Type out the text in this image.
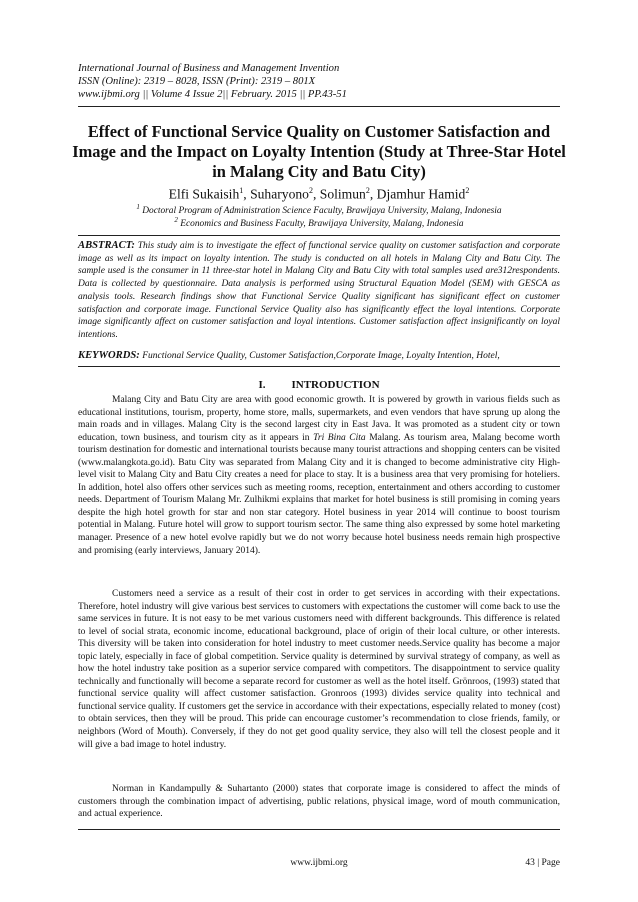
International Journal of Business and Management Invention
ISSN (Online): 2319 – 8028, ISSN (Print): 2319 – 801X
www.ijbmi.org || Volume 4 Issue 2|| February. 2015 || PP.43-51
Effect of Functional Service Quality on Customer Satisfaction and Image and the Impact on Loyalty Intention (Study at Three-Star Hotel in Malang City and Batu City)
Elfi Sukaisih$^1$, Suharyono$^2$, Solimun$^2$, Djamhur Hamid$^2$
$^1$ Doctoral Program of Administration Science Faculty, Brawijaya University, Malang, Indonesia
$^2$ Economics and Business Faculty, Brawijaya University, Malang, Indonesia
ABSTRACT: This study aim is to investigate the effect of functional service quality on customer satisfaction and corporate image as well as its impact on loyalty intention. The study is conducted on all hotels in Malang City and Batu City. The sample used is the consumer in 11 three-star hotel in Malang City and Batu City with total samples used are312respondents. Data is collected by questionnaire. Data analysis is performed using Structural Equation Model (SEM) with GESCA as analysis tools. Research findings show that Functional Service Quality significant has significant effect on customer satisfaction and corporate image. Functional Service Quality also has significantly effect the loyal intentions. Corporate image significantly affect on customer satisfaction and loyal intentions. Customer satisfaction affect insignificantly on loyal intentions.
KEYWORDS: Functional Service Quality, Customer Satisfaction,Corporate Image, Loyalty Intention, Hotel,
I. INTRODUCTION
Malang City and Batu City are area with good economic growth. It is powered by growth in various fields such as educational institutions, tourism, property, home store, malls, supermarkets, and even vendors that have sprung up along the main roads and in villages. Malang City is the second largest city in East Java. It was promoted as a student city or town education, town business, and tourism city as it appears in Tri Bina Cita Malang. As tourism area, Malang become worth tourism destination for domestic and international tourists because many tourist attractions and shopping centers can be visited (www.malangkota.go.id). Batu City was separated from Malang City and it is changed to become administrative city High-level visit to Malang City and Batu City creates a need for place to stay. It is a business area that very promising for hoteliers. In addition, hotel also offers other services such as meeting rooms, reception, entertainment and others according to customer needs. Department of Tourism Malang Mr. Zulhikmi explains that market for hotel business is still promising in coming years despite the high hotel growth for star and non star category. Hotel business in year 2014 will continue to boost tourism potential in Malang. Future hotel will grow to support tourism sector. The same thing also expressed by some hotel marketing manager. Presence of a new hotel evolve rapidly but we do not worry because hotel business needs remain high prospective and promising (early interviews, January 2014).
Customers need a service as a result of their cost in order to get services in according with their expectations. Therefore, hotel industry will give various best services to customers with expectations the customer will come back to use the same services in future. It is not easy to be met various customers need with different backgrounds. This difference is related to level of social strata, economic income, educational background, place of origin of their local culture, or other interests. This diversity will be taken into consideration for hotel industry to meet customer needs.Service quality has become a major topic lately, especially in face of global competition. Service quality is determined by survival strategy of company, as well as how the hotel industry take position as a superior service compared with competitors. The disappointment to service quality technically and functionally will become a separate record for customer as well as the hotel itself. Grönroos, (1993) stated that functional service quality will affect customer satisfaction. Gronroos (1993) divides service quality into technical and functional service quality. If customers get the service in accordance with their expectations, especially related to money (cost) to obtain services, then they will be proud. This pride can encourage customer’s recommendation to close friends, family, or neighbors (Word of Mouth). Conversely, if they do not get good quality service, they also will tell the closest people and it will give a bad image to hotel industry.
Norman in Kandampully & Suhartanto (2000) states that corporate image is considered to affect the minds of customers through the combination impact of advertising, public relations, physical image, word of mouth communication, and actual experience.
www.ijbmi.org	43 | Page
